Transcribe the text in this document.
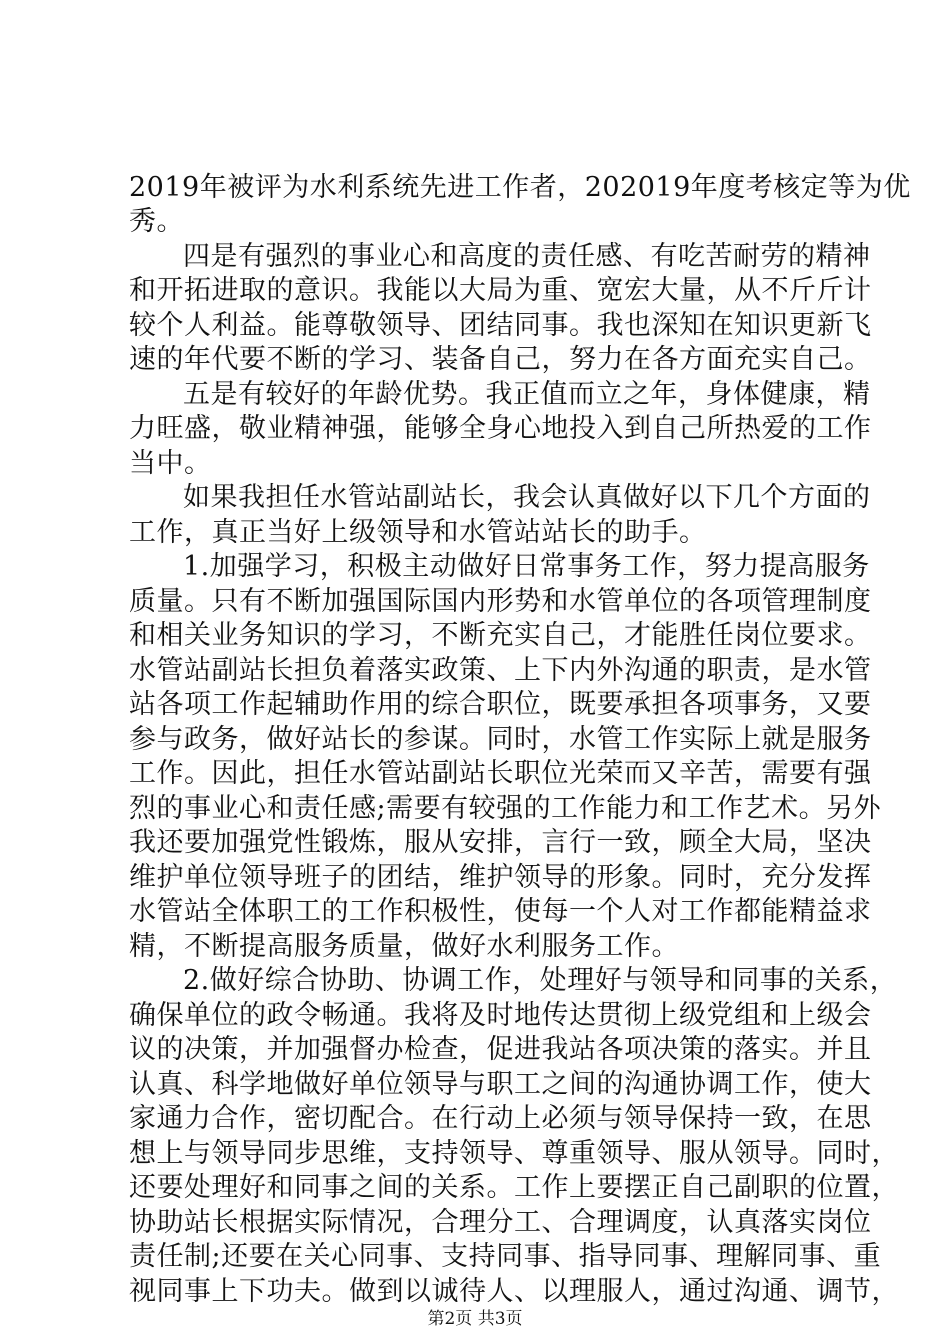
2019年被评为水利系统先进工作者，202019年度考核定等为优
秀。
四是有强烈的事业心和高度的责任感、有吃苦耐劳的精神
和开拓进取的意识。我能以大局为重、宽宏大量，从不斤斤计
较个人利益。能尊敬领导、团结同事。我也深知在知识更新飞
速的年代要不断的学习、装备自己，努力在各方面充实自己。
五是有较好的年龄优势。我正值而立之年，身体健康，精
力旺盛，敬业精神强，能够全身心地投入到自己所热爱的工作
当中。
如果我担任水管站副站长，我会认真做好以下几个方面的
工作，真正当好上级领导和水管站站长的助手。
1.加强学习，积极主动做好日常事务工作，努力提高服务
质量。只有不断加强国际国内形势和水管单位的各项管理制度
和相关业务知识的学习，不断充实自己，才能胜任岗位要求。
水管站副站长担负着落实政策、上下内外沟通的职责，是水管
站各项工作起辅助作用的综合职位，既要承担各项事务，又要
参与政务，做好站长的参谋。同时，水管工作实际上就是服务
工作。因此，担任水管站副站长职位光荣而又辛苦，需要有强
烈的事业心和责任感;需要有较强的工作能力和工作艺术。另外
我还要加强党性锻炼，服从安排，言行一致，顾全大局，坚决
维护单位领导班子的团结，维护领导的形象。同时，充分发挥
水管站全体职工的工作积极性，使每一个人对工作都能精益求
精，不断提高服务质量，做好水利服务工作。
2.做好综合协助、协调工作，处理好与领导和同事的关系，
确保单位的政令畅通。我将及时地传达贯彻上级党组和上级会
议的决策，并加强督办检查，促进我站各项决策的落实。并且
认真、科学地做好单位领导与职工之间的沟通协调工作，使大
家通力合作，密切配合。在行动上必须与领导保持一致，在思
想上与领导同步思维，支持领导、尊重领导、服从领导。同时，
还要处理好和同事之间的关系。工作上要摆正自己副职的位置，
协助站长根据实际情况，合理分工、合理调度，认真落实岗位
责任制;还要在关心同事、支持同事、指导同事、理解同事、重
视同事上下功夫。做到以诚待人、以理服人，通过沟通、调节，
第2页 共3页
